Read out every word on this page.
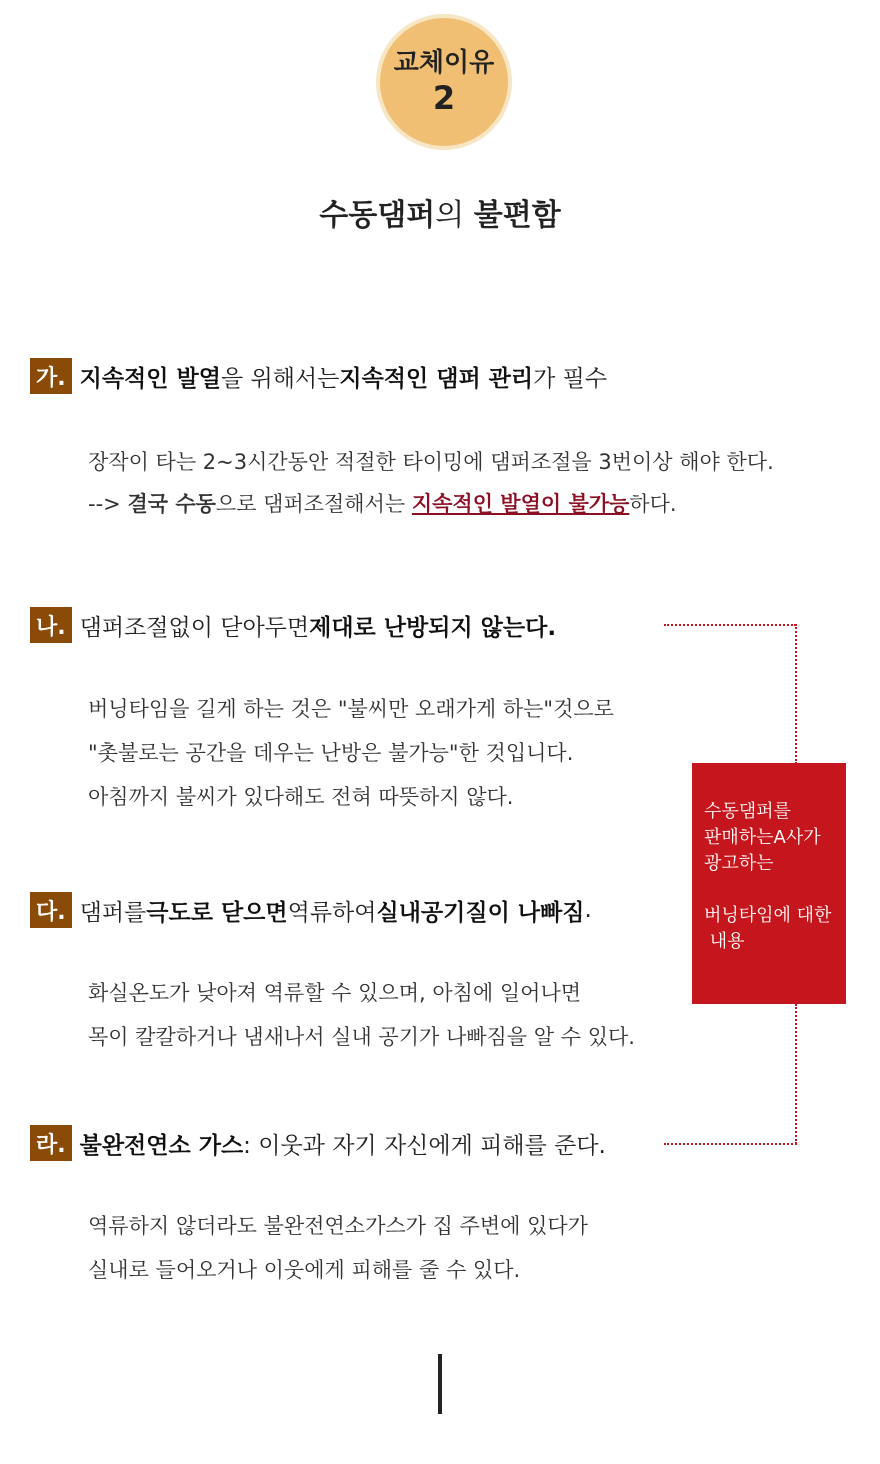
교체이유
2
수동댐퍼의 불편함
가. 지속적인 발열 을 위해서는 지속적인 댐퍼 관리 가 필수
장작이 타는 2~3시간동안 적절한 타이밍에 댐퍼조절을 3번이상 해야 한다.
--> 결국 수동으로 댐퍼조절해서는 지속적인 발열이 불가능하다.
나. 댐퍼조절없이 닫아두면 제대로 난방되지 않는다.
버닝타임을 길게 하는 것은 "불씨만 오래가게 하는"것으로
"촛불로는 공간을 데우는 난방은 불가능"한 것입니다.
아침까지 불씨가 있다해도 전혀 따뜻하지 않다.
다. 댐퍼를 극도로 닫으면 역류하여 실내공기질이 나빠짐 .
화실온도가 낮아져 역류할 수 있으며, 아침에 일어나면
목이 칼칼하거나 냄새나서 실내 공기가 나빠짐을 알 수 있다.
라. 불완전연소 가스 : 이웃과 자기 자신에게 피해를 준다.
역류하지 않더라도 불완전연소가스가 집 주변에 있다가
실내로 들어오거나 이웃에게 피해를 줄 수 있다.

수동댐퍼를

판매하는A사가

광고하는

버닝타임에 대한

내용
